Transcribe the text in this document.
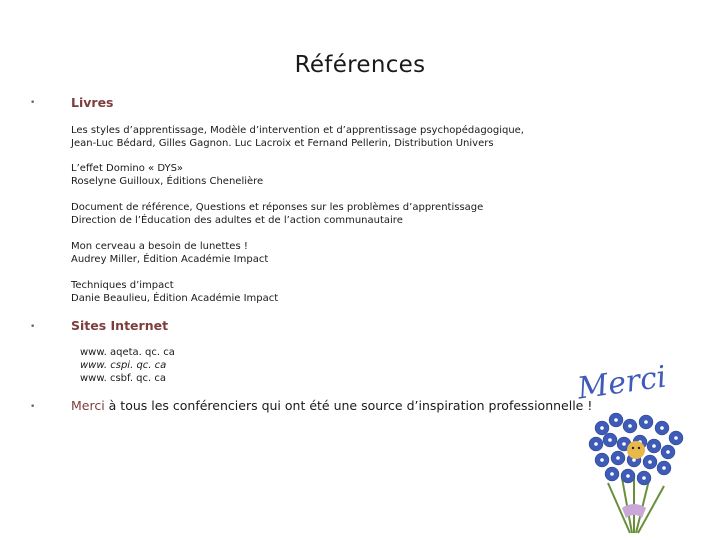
Références
•	Livres
Les styles d’apprentissage, Modèle d’intervention et d’apprentissage psychopédagogique,
Jean-Luc Bédard, Gilles Gagnon. Luc Lacroix et Fernand Pellerin, Distribution Univers
L’effet Domino « DYS»
Roselyne Guilloux, Éditions Chenelière
Document de référence, Questions et réponses sur les problèmes d’apprentissage
Direction de l’Éducation des adultes et de l’action communautaire
Mon cerveau a besoin de lunettes !
Audrey Miller, Édition Académie Impact
Techniques d’impact
Danie Beaulieu, Édition Académie Impact
•	Sites Internet
www. aqeta. qc. ca
www. cspi. qc. ca
www. csbf. qc. ca
•	Merci à tous les conférenciers qui ont été une source d’inspiration professionnelle !
Merci
